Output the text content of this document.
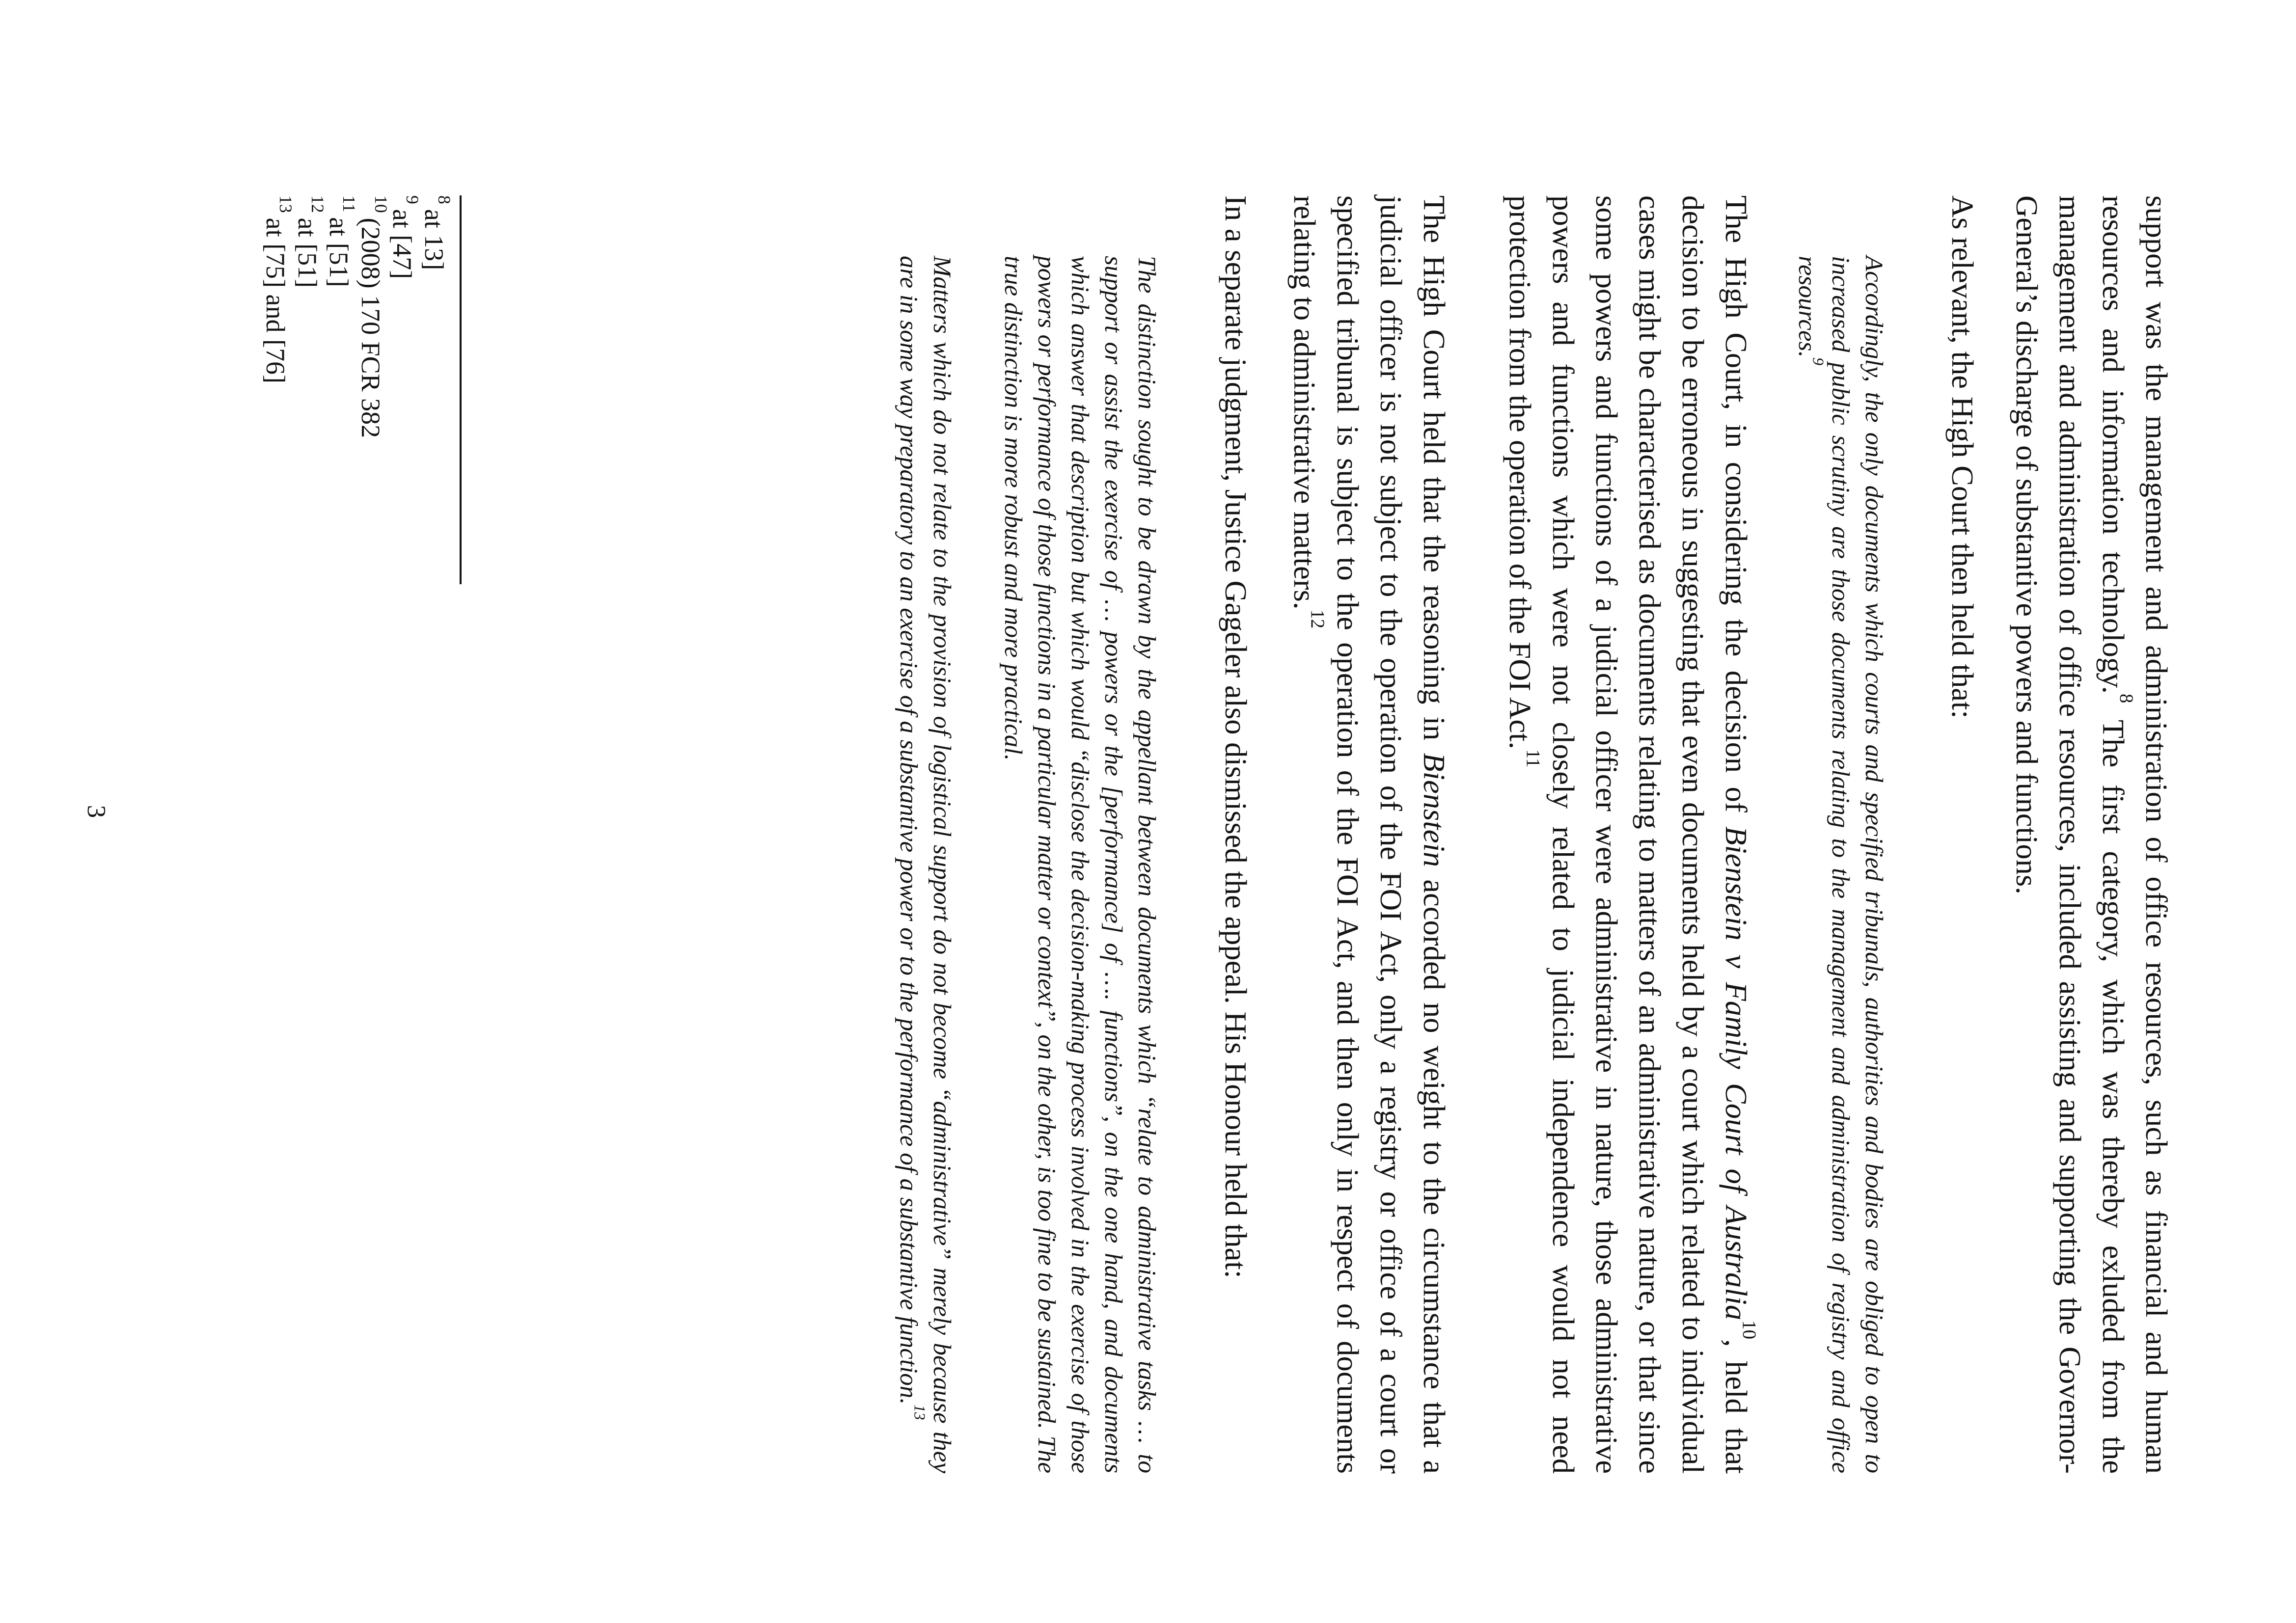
support was the management and administration of office resources, such as financial and human resources and information technology.$^8$ The first category, which was thereby exluded from the management and administration of office resources, included assisting and supporting the Governor-General’s discharge of substantive powers and functions.

As relevant, the High Court then held that:

Accordingly, the only documents which courts and specified tribunals, authorities and bodies are obliged to open to increased public scrutiny are those documents relating to the management and administration of registry and office resources.$^9$

The High Court, in considering the decision of Bienstein v Family Court of Australia$^{10}$, held that decision to be erroneous in suggesting that even documents held by a court which related to individual cases might be characterised as documents relating to matters of an administrative nature, or that since some powers and functions of a judicial officer were administrative in nature, those administrative powers and functions which were not closely related to judicial independence would not need protection from the operation of the FOI Act.$^{11}$

The High Court held that the reasoning in Bienstein accorded no weight to the circumstance that a judicial officer is not subject to the operation of the FOI Act, only a registry or office of a court or specified tribunal is subject to the operation of the FOI Act, and then only in respect of documents relating to administrative matters.$^{12}$

In a separate judgment, Justice Gageler also dismissed the appeal. His Honour held that:

The distinction sought to be drawn by the appellant between documents which “relate to administrative tasks … to support or assist the exercise of … powers or the [performance] of …. functions”, on the one hand, and documents which answer that description but which would “disclose the decision-making process involved in the exercise of those powers or performance of those functions in a particular matter or context”, on the other, is too fine to be sustained. The true distinction is more robust and more practical.

Matters which do not relate to the provision of logistical support do not become “administrative” merely because they are in some way preparatory to an exercise of a substantive power or to the performance of a substantive function.$^{13}$

$^8$at 13]
$^9$at [47]
$^{10}$(2008) 170 FCR 382
$^{11}$at [51]
$^{12}$at [51]
$^{13}$at [75] and [76]
3
